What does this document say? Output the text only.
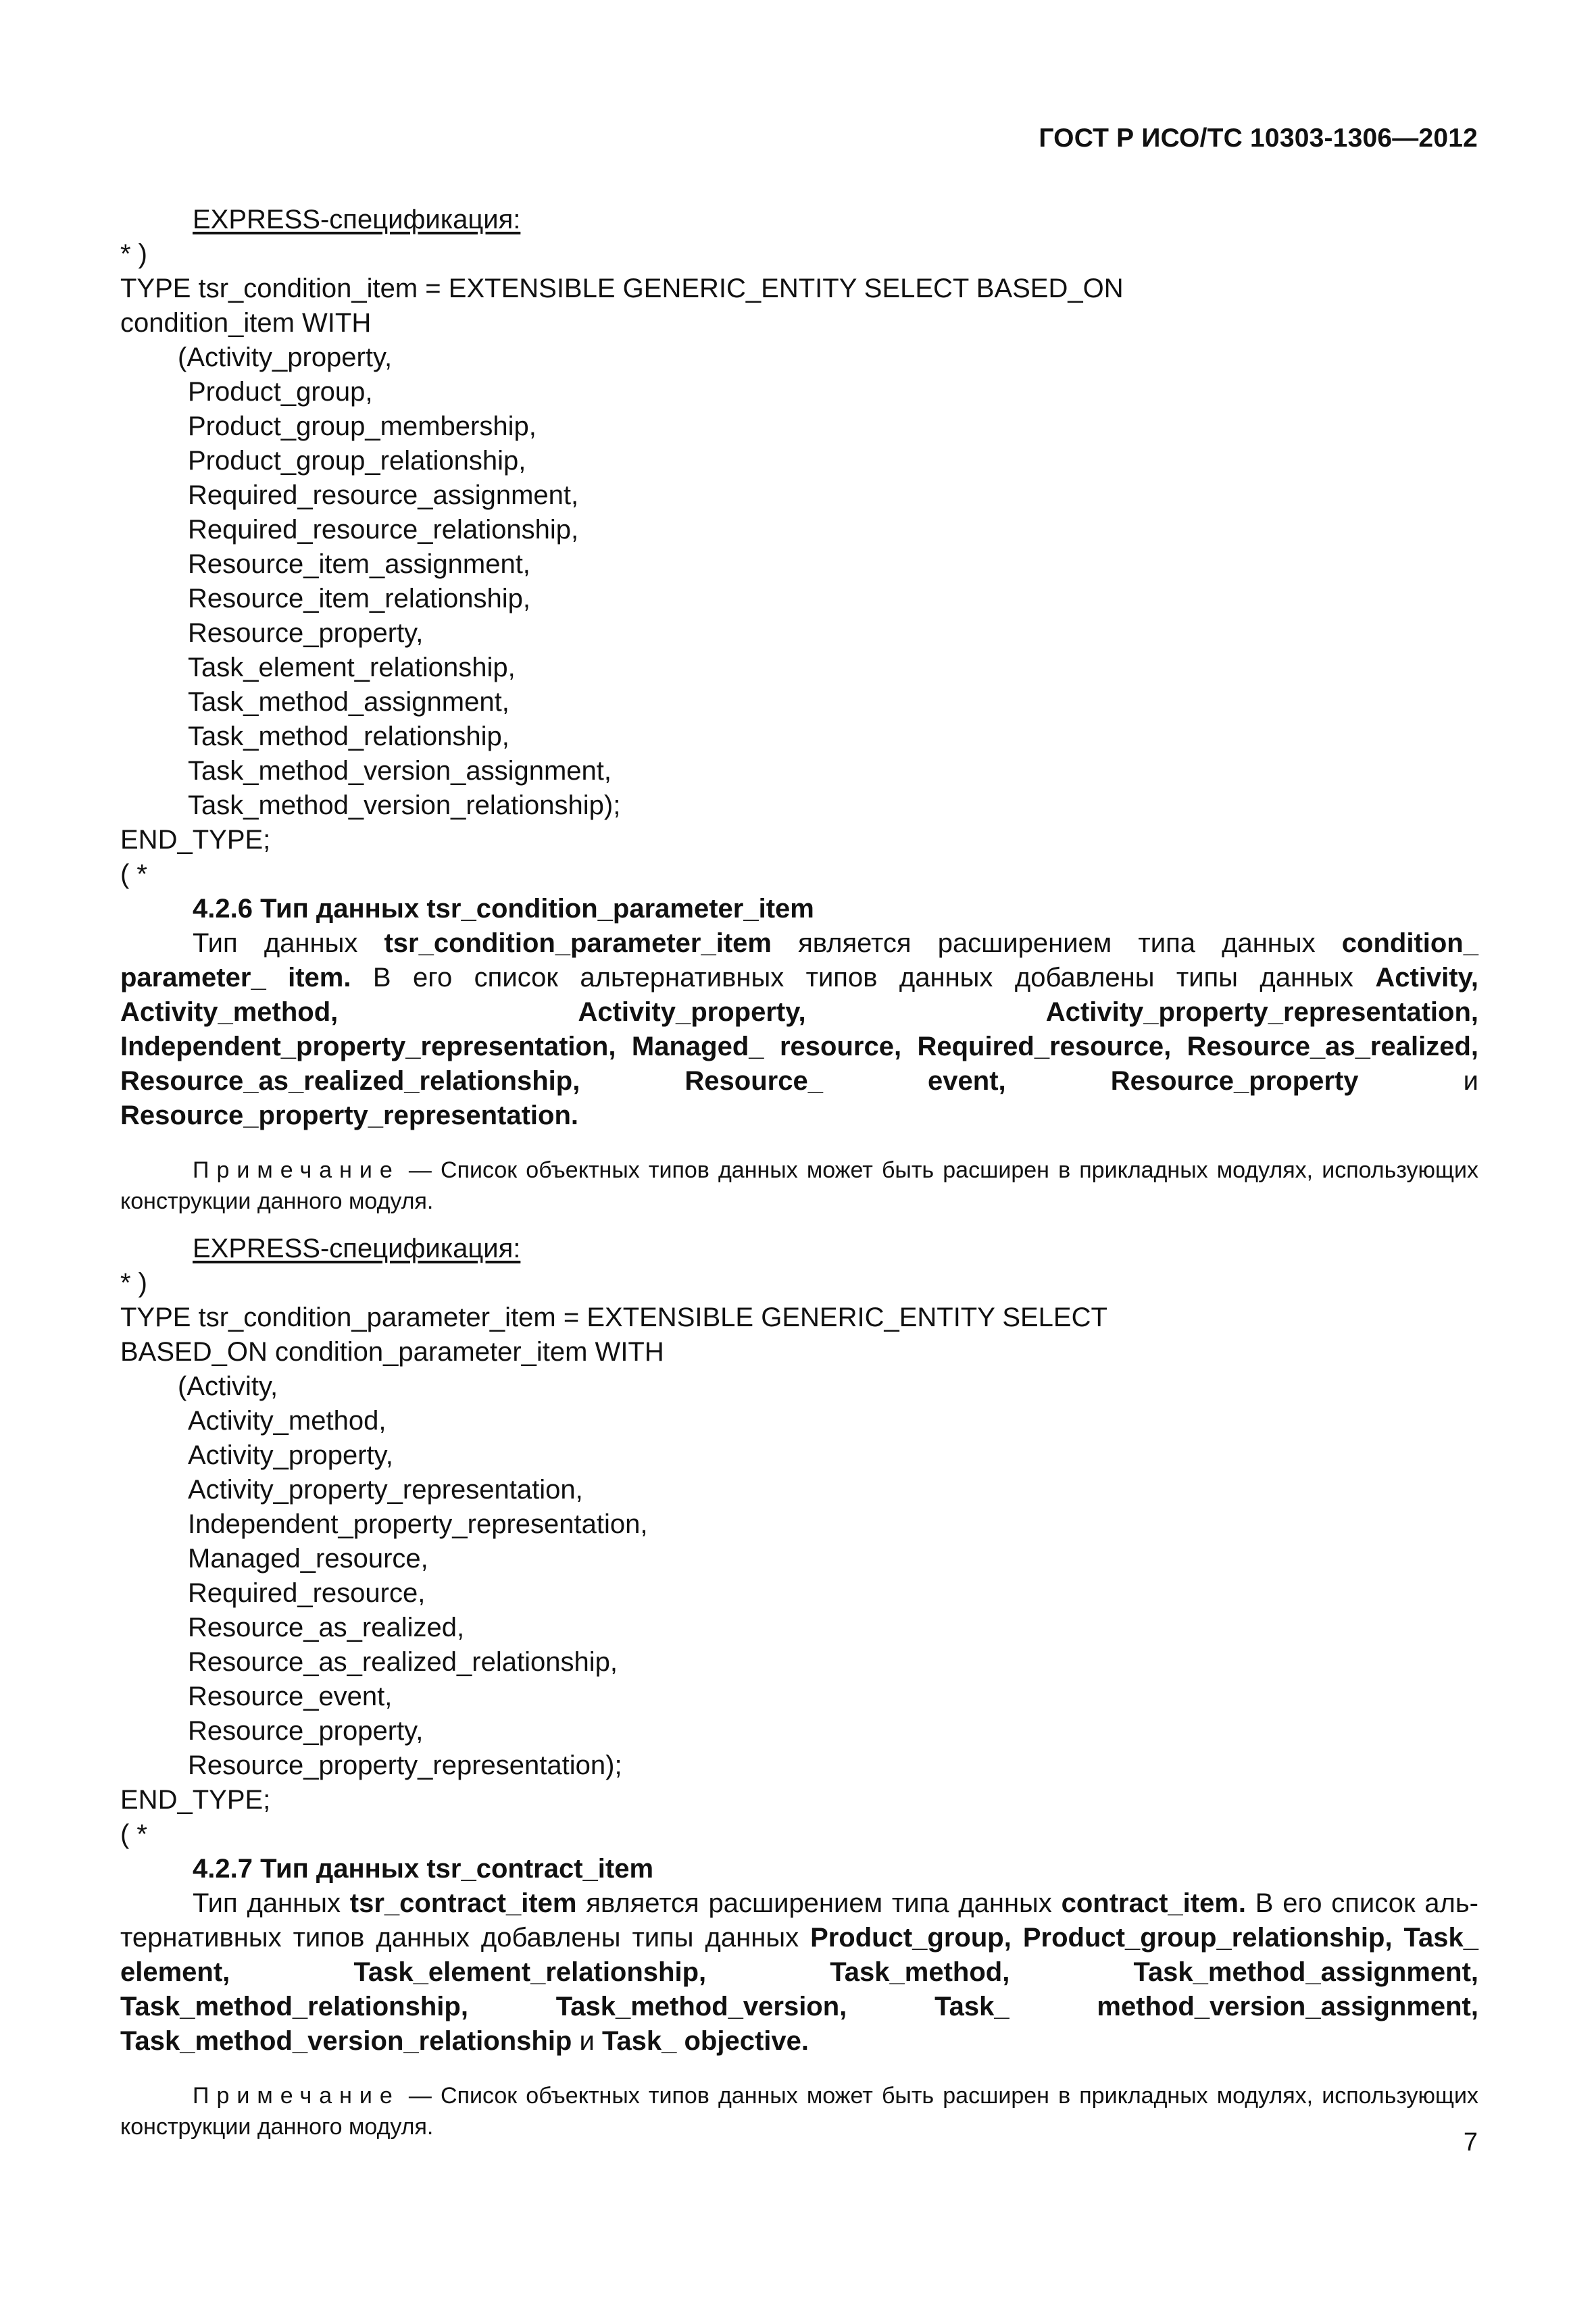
ГОСТ Р ИСО/ТС 10303-1306—2012
EXPRESS-спецификация:
* )
TYPE tsr_condition_item = EXTENSIBLE GENERIC_ENTITY SELECT BASED_ON
condition_item WITH
(Activity_property,
Product_group,
Product_group_membership,
Product_group_relationship,
Required_resource_assignment,
Required_resource_relationship,
Resource_item_assignment,
Resource_item_relationship,
Resource_property,
Task_element_relationship,
Task_method_assignment,
Task_method_relationship,
Task_method_version_assignment,
Task_method_version_relationship);
END_TYPE;
( *
4.2.6 Тип данных tsr_condition_parameter_item

Тип данных tsr_condition_parameter_item является расширением типа данных condition_ parameter_ item. В его список альтернативных типов данных добавлены типы данных Activity, Activity_method, Activity_property, Activity_property_representation, Independent_property_representation, Managed_ resource, Required_resource, Resource_as_realized, Resource_as_realized_relationship, Resource_ event, Resource_property и Resource_property_representation.

Примечание — Список объектных типов данных может быть расширен в прикладных модулях, использующих конструкции данного модуля.
EXPRESS-спецификация:
* )
TYPE tsr_condition_parameter_item = EXTENSIBLE GENERIC_ENTITY SELECT
BASED_ON condition_parameter_item WITH
(Activity,
Activity_method,
Activity_property,
Activity_property_representation,
Independent_property_representation,
Managed_resource,
Required_resource,
Resource_as_realized,
Resource_as_realized_relationship,
Resource_event,
Resource_property,
Resource_property_representation);
END_TYPE;
( *
4.2.7 Тип данных tsr_contract_item

Тип данных tsr_contract_item является расширением типа данных contract_item. В его список аль-тернативных типов данных добавлены типы данных Product_group, Product_group_relationship, Task_ element, Task_element_relationship, Task_method, Task_method_assignment, Task_method_relationship, Task_method_version, Task_ method_version_assignment, Task_method_version_relationship и Task_ objective.

Примечание — Список объектных типов данных может быть расширен в прикладных модулях, использующих конструкции данного модуля.
7
